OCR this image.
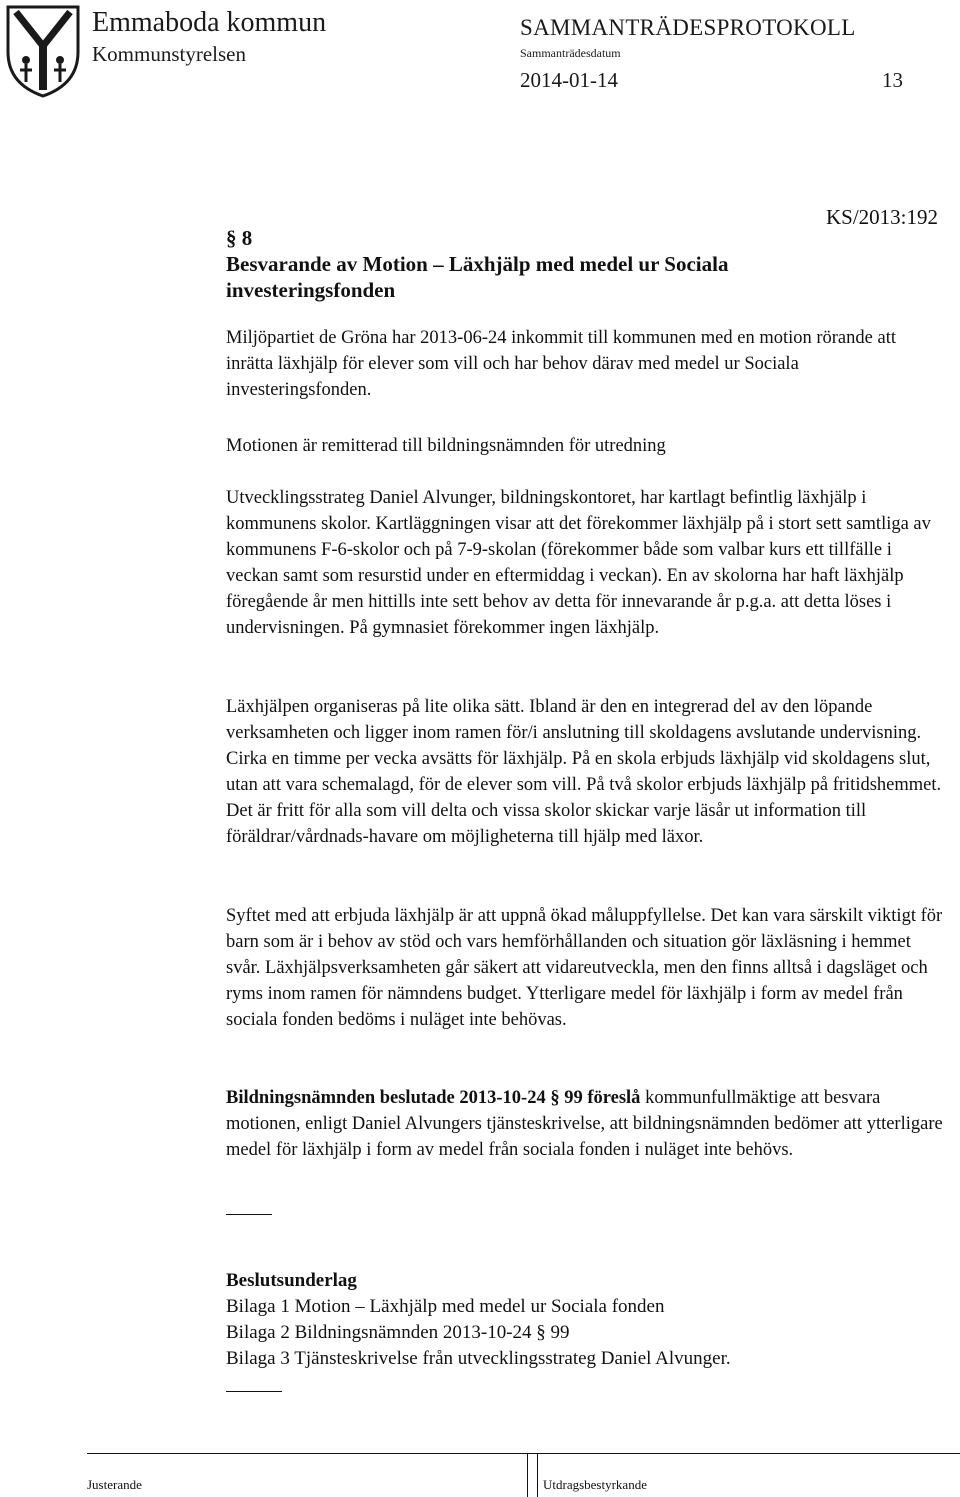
Emmaboda kommun
Kommunstyrelsen
SAMMANTRÄDESPROTOKOLL
Sammanträdesdatum
2014-01-14	13
KS/2013:192
§ 8
Besvarande av Motion – Läxhjälp med medel ur Sociala investeringsfonden

Miljöpartiet de Gröna har 2013-06-24 inkommit till kommunen med en motion rörande att inrätta läxhjälp för elever som vill och har behov därav med medel ur Sociala investeringsfonden.

Motionen är remitterad till bildningsnämnden för utredning

Utvecklingsstrateg Daniel Alvunger, bildningskontoret, har kartlagt befintlig läxhjälp i kommunens skolor. Kartläggningen visar att det förekommer läxhjälp på i stort sett samtliga av kommunens F-6-skolor och på 7-9-skolan (förekommer både som valbar kurs ett tillfälle i veckan samt som resurstid under en eftermiddag i veckan). En av skolorna har haft läxhjälp föregående år men hittills inte sett behov av detta för innevarande år p.g.a. att detta löses i undervisningen. På gymnasiet förekommer ingen läxhjälp.

Läxhjälpen organiseras på lite olika sätt. Ibland är den en integrerad del av den löpande verksamheten och ligger inom ramen för/i anslutning till skoldagens avslutande undervisning. Cirka en timme per vecka avsätts för läxhjälp. På en skola erbjuds läxhjälp vid skoldagens slut, utan att vara schemalagd, för de elever som vill. På två skolor erbjuds läxhjälp på fritidshemmet. Det är fritt för alla som vill delta och vissa skolor skickar varje läsår ut information till föräldrar/vårdnads-havare om möjligheterna till hjälp med läxor.

Syftet med att erbjuda läxhjälp är att uppnå ökad måluppfyllelse. Det kan vara särskilt viktigt för barn som är i behov av stöd och vars hemförhållanden och situation gör läxläsning i hemmet svår. Läxhjälpsverksamheten går säkert att vidareutveckla, men den finns alltså i dagsläget och ryms inom ramen för nämndens budget. Ytterligare medel för läxhjälp i form av medel från sociala fonden bedöms i nuläget inte behövas.

Bildningsnämnden beslutade 2013-10-24 § 99 föreslå kommunfullmäktige att besvara motionen, enligt Daniel Alvungers tjänsteskrivelse, att bildningsnämnden bedömer att ytterligare medel för läxhjälp i form av medel från sociala fonden i nuläget inte behövs.

Beslutsunderlag
Bilaga 1 Motion – Läxhjälp med medel ur Sociala fonden
Bilaga 2 Bildningsnämnden 2013-10-24 § 99
Bilaga 3 Tjänsteskrivelse från utvecklingsstrateg Daniel Alvunger.
Justerande	Utdragsbestyrkande
